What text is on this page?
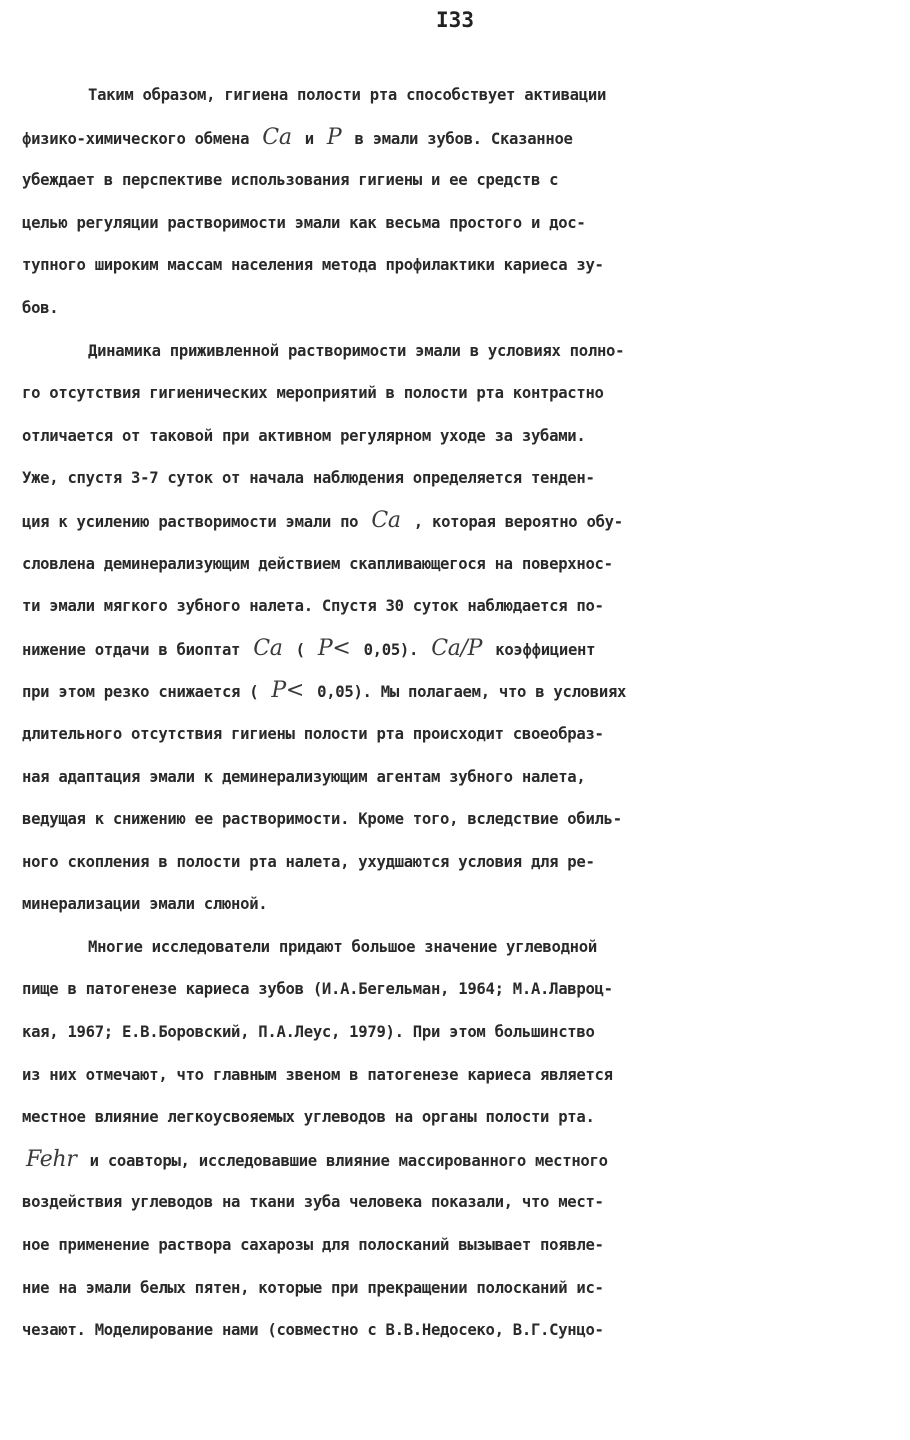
I33
Таким образом, гигиена полости рта способствует активации
физико-химического обмена Ca и P в эмали зубов. Сказанное
убеждает в перспективе использования гигиены и ее средств с
целью регуляции растворимости эмали как весьма простого и дос-
тупного широким массам населения метода профилактики кариеса зу-
бов.
Динамика приживленной растворимости эмали в условиях полно-
го отсутствия гигиенических мероприятий в полости рта контрастно
отличается от таковой при активном регулярном уходе за зубами.
Уже, спустя 3-7 суток от начала наблюдения определяется тенден-
ция к усилению растворимости эмали по Ca , которая вероятно обу-
словлена деминерализующим действием скапливающегося на поверхнос-
ти эмали мягкого зубного налета. Спустя 30 суток наблюдается по-
нижение отдачи в биоптат Ca ( P< 0,05). Ca/P коэффициент
при этом резко снижается ( P< 0,05). Мы полагаем, что в условиях
длительного отсутствия гигиены полости рта происходит своеобраз-
ная адаптация эмали к деминерализующим агентам зубного налета,
ведущая к снижению ее растворимости. Кроме того, вследствие обиль-
ного скопления в полости рта налета, ухудшаются условия для ре-
минерализации эмали слюной.
Многие исследователи придают большое значение углеводной
пище в патогенезе кариеса зубов (И.А.Бегельман, 1964; М.А.Лавроц-
кая, 1967; Е.В.Боровский, П.А.Леус, 1979). При этом большинство
из них отмечают, что главным звеном в патогенезе кариеса является
местное влияние легкоусвояемых углеводов на органы полости рта.
Fehr и соавторы, исследовавшие влияние массированного местного
воздействия углеводов на ткани зуба человека показали, что мест-
ное применение раствора сахарозы для полосканий вызывает появле-
ние на эмали белых пятен, которые при прекращении полосканий ис-
чезают. Моделирование нами (совместно с В.В.Недосеко, В.Г.Сунцо-
